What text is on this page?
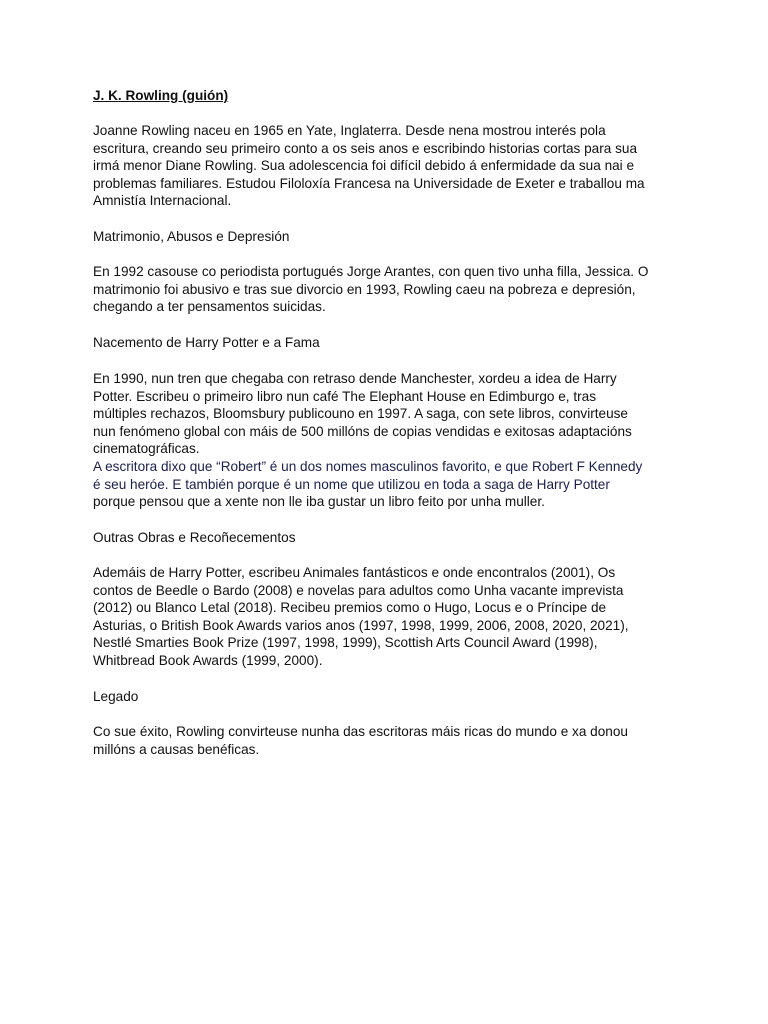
J. K. Rowling (guión)

Joanne Rowling naceu en 1965 en Yate, Inglaterra. Desde nena mostrou interés pola
escritura, creando seu primeiro conto a os seis anos e escribindo historias cortas para sua
irmá menor Diane Rowling. Sua adolescencia foi difícil debido á enfermidade da sua nai e
problemas familiares. Estudou Filoloxía Francesa na Universidade de Exeter e traballou ma
Amnistía Internacional.

Matrimonio, Abusos e Depresión

En 1992 casouse co periodista portugués Jorge Arantes, con quen tivo unha filla, Jessica. O
matrimonio foi abusivo e tras sue divorcio en 1993, Rowling caeu na pobreza e depresión,
chegando a ter pensamentos suicidas.

Nacemento de Harry Potter e a Fama

En 1990, nun tren que chegaba con retraso dende Manchester, xordeu a idea de Harry
Potter. Escribeu o primeiro libro nun café The Elephant House en Edimburgo e, tras
múltiples rechazos, Bloomsbury publicouno en 1997. A saga, con sete libros, convirteuse
nun fenómeno global con máis de 500 millóns de copias vendidas e exitosas adaptacións
cinematográficas.
A escritora dixo que “Robert” é un dos nomes masculinos favorito, e que Robert F Kennedy
é seu heróe. E también porque é un nome que utilizou en toda a saga de Harry Potter
porque pensou que a xente non lle iba gustar un libro feito por unha muller.

Outras Obras e Recoñecementos

Ademáis de Harry Potter, escribeu Animales fantásticos e onde encontralos (2001), Os
contos de Beedle o Bardo (2008) e novelas para adultos como Unha vacante imprevista
(2012) ou Blanco Letal (2018). Recibeu premios como o Hugo, Locus e o Príncipe de
Asturias, o British Book Awards varios anos (1997, 1998, 1999, 2006, 2008, 2020, 2021),
Nestlé Smarties Book Prize (1997, 1998, 1999), Scottish Arts Council Award (1998),
Whitbread Book Awards (1999, 2000).

Legado

Co sue éxito, Rowling convirteuse nunha das escritoras máis ricas do mundo e xa donou
millóns a causas benéficas.
